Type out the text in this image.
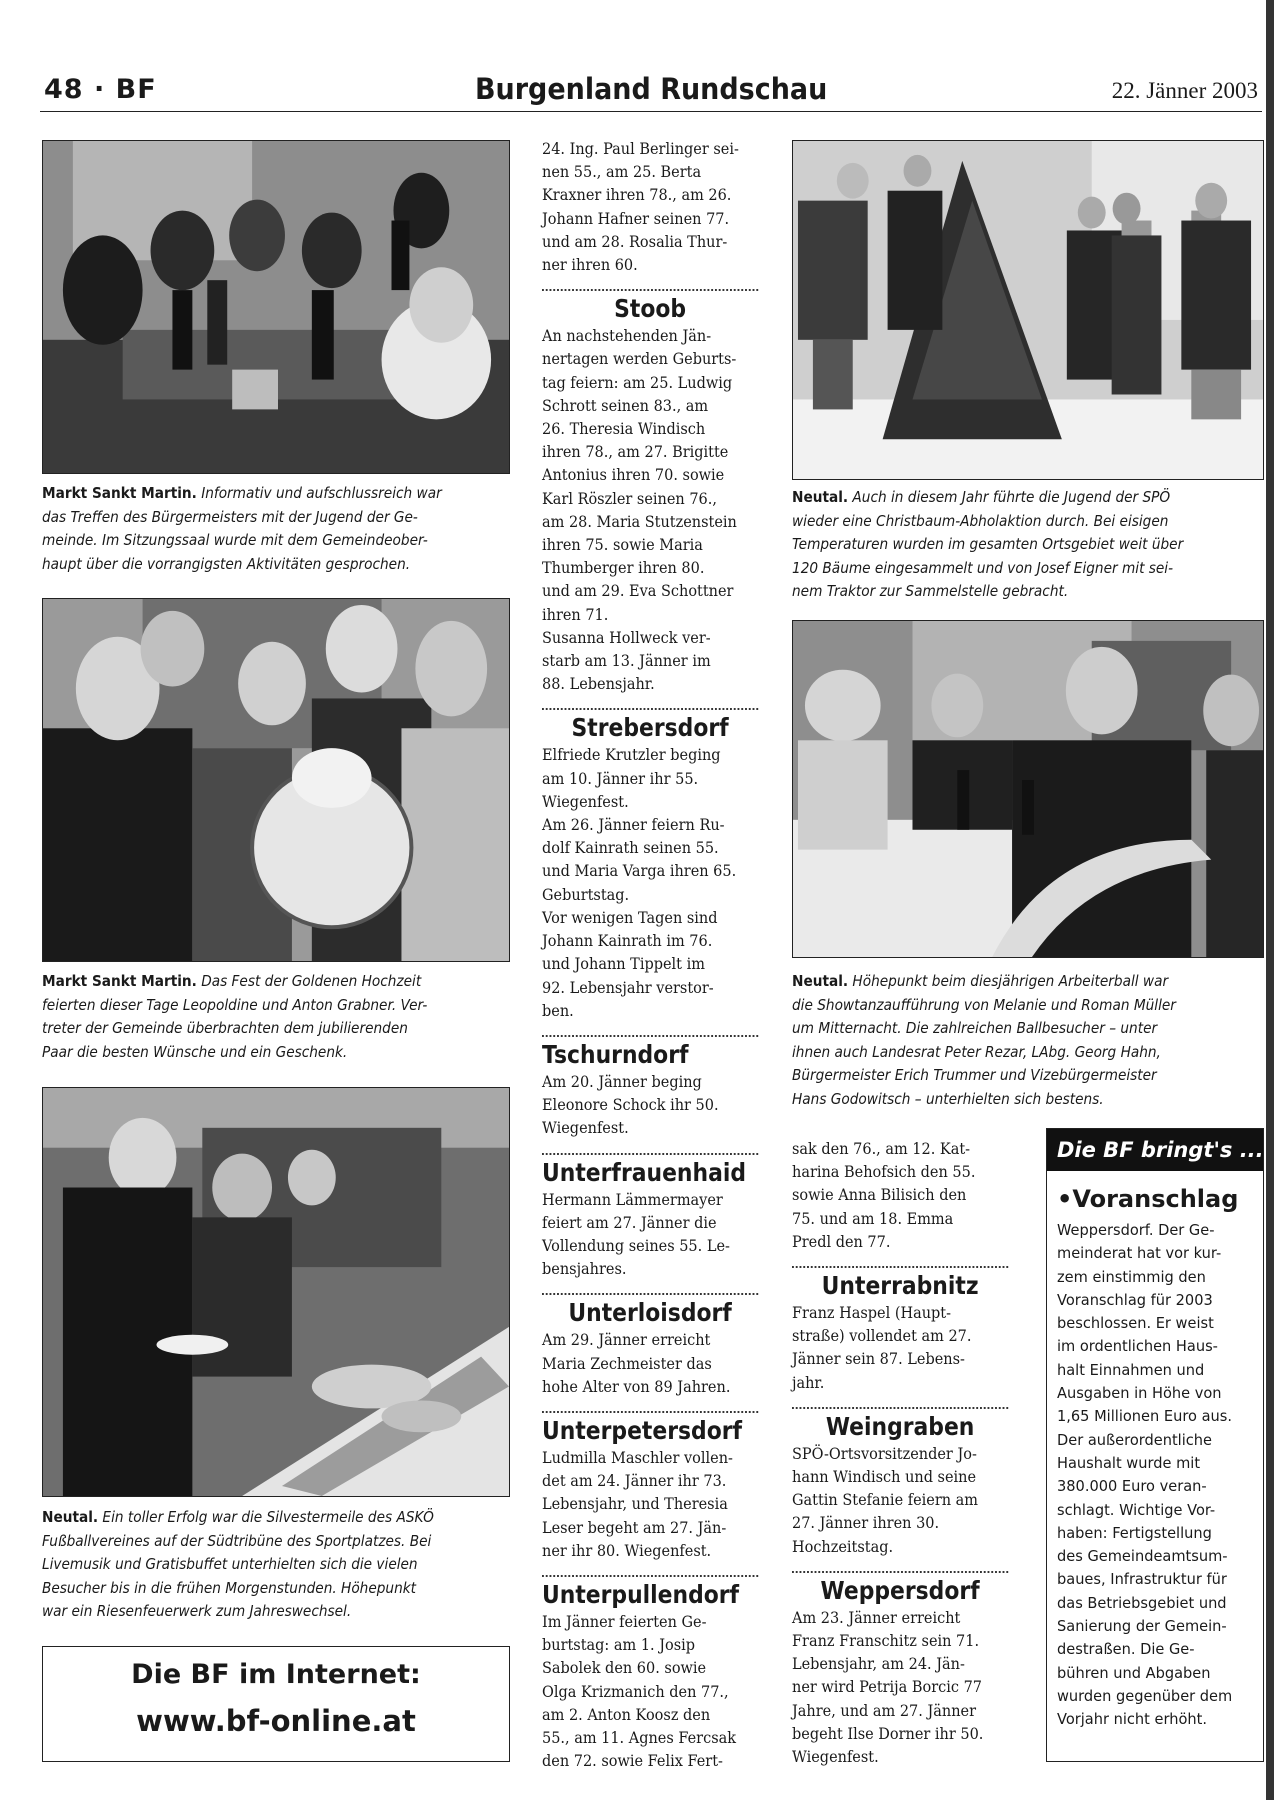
48 · BF	Burgenland Rundschau	22. Jänner 2003
Markt Sankt Martin. Informativ und aufschlussreich war
das Treffen des Bürgermeisters mit der Jugend der Ge-
meinde. Im Sitzungssaal wurde mit dem Gemeindeober-
haupt über die vorrangigsten Aktivitäten gesprochen.
Markt Sankt Martin. Das Fest der Goldenen Hochzeit
feierten dieser Tage Leopoldine und Anton Grabner. Ver-
treter der Gemeinde überbrachten dem jubilierenden
Paar die besten Wünsche und ein Geschenk.
Neutal. Ein toller Erfolg war die Silvestermeile des ASKÖ
Fußballvereines auf der Südtribüne des Sportplatzes. Bei
Livemusik und Gratisbuffet unterhielten sich die vielen
Besucher bis in die frühen Morgenstunden. Höhepunkt
war ein Riesenfeuerwerk zum Jahreswechsel.
Die BF im Internet:
www.bf-online.at

24. Ing. Paul Berlinger sei-

nen 55., am 25. Berta

Kraxner ihren 78., am 26.

Johann Hafner seinen 77.

und am 28. Rosalia Thur-

ner ihren 60.

Stoob

An nachstehenden Jän-

nertagen werden Geburts-

tag feiern: am 25. Ludwig

Schrott seinen 83., am

26. Theresia Windisch

ihren 78., am 27. Brigitte

Antonius ihren 70. sowie

Karl Röszler seinen 76.,

am 28. Maria Stutzenstein

ihren 75. sowie Maria

Thumberger ihren 80.

und am 29. Eva Schottner

ihren 71.

Susanna Hollweck ver-

starb am 13. Jänner im

88. Lebensjahr.

Strebersdorf

Elfriede Krutzler beging

am 10. Jänner ihr 55.

Wiegenfest.

Am 26. Jänner feiern Ru-

dolf Kainrath seinen 55.

und Maria Varga ihren 65.

Geburtstag.

Vor wenigen Tagen sind

Johann Kainrath im 76.

und Johann Tippelt im

92. Lebensjahr verstor-

ben.

Tschurndorf

Am 20. Jänner beging

Eleonore Schock ihr 50.

Wiegenfest.

Unterfrauenhaid

Hermann Lämmermayer

feiert am 27. Jänner die

Vollendung seines 55. Le-

bensjahres.

Unterloisdorf

Am 29. Jänner erreicht

Maria Zechmeister das

hohe Alter von 89 Jahren.

Unterpetersdorf

Ludmilla Maschler vollen-

det am 24. Jänner ihr 73.

Lebensjahr, und Theresia

Leser begeht am 27. Jän-

ner ihr 80. Wiegenfest.

Unterpullendorf

Im Jänner feierten Ge-

burtstag: am 1. Josip

Sabolek den 60. sowie

Olga Krizmanich den 77.,

am 2. Anton Koosz den

55., am 11. Agnes Fercsak

den 72. sowie Felix Fert-

Neutal. Auch in diesem Jahr führte die Jugend der SPÖ
wieder eine Christbaum-Abholaktion durch. Bei eisigen
Temperaturen wurden im gesamten Ortsgebiet weit über
120 Bäume eingesammelt und von Josef Eigner mit sei-
nem Traktor zur Sammelstelle gebracht.
Neutal. Höhepunkt beim diesjährigen Arbeiterball war
die Showtanzaufführung von Melanie und Roman Müller
um Mitternacht. Die zahlreichen Ballbesucher – unter
ihnen auch Landesrat Peter Rezar, LAbg. Georg Hahn,
Bürgermeister Erich Trummer und Vizebürgermeister
Hans Godowitsch – unterhielten sich bestens.

sak den 76., am 12. Kat-

harina Behofsich den 55.

sowie Anna Bilisich den

75. und am 18. Emma

Predl den 77.

Unterrabnitz

Franz Haspel (Haupt-

straße) vollendet am 27.

Jänner sein 87. Lebens-

jahr.

Weingraben

SPÖ-Ortsvorsitzender Jo-

hann Windisch und seine

Gattin Stefanie feiern am

27. Jänner ihren 30.

Hochzeitstag.

Weppersdorf

Am 23. Jänner erreicht

Franz Franschitz sein 71.

Lebensjahr, am 24. Jän-

ner wird Petrija Borcic 77

Jahre, und am 27. Jänner

begeht Ilse Dorner ihr 50.

Wiegenfest.

Die BF bringt's ...
•Voranschlag
Weppersdorf. Der Ge-
meinderat hat vor kur-
zem einstimmig den
Voranschlag für 2003
beschlossen. Er weist
im ordentlichen Haus-
halt Einnahmen und
Ausgaben in Höhe von
1,65 Millionen Euro aus.
Der außerordentliche
Haushalt wurde mit
380.000 Euro veran-
schlagt. Wichtige Vor-
haben: Fertigstellung
des Gemeindeamtsum-
baues, Infrastruktur für
das Betriebsgebiet und
Sanierung der Gemein-
destraßen. Die Ge-
bühren und Abgaben
wurden gegenüber dem
Vorjahr nicht erhöht.
